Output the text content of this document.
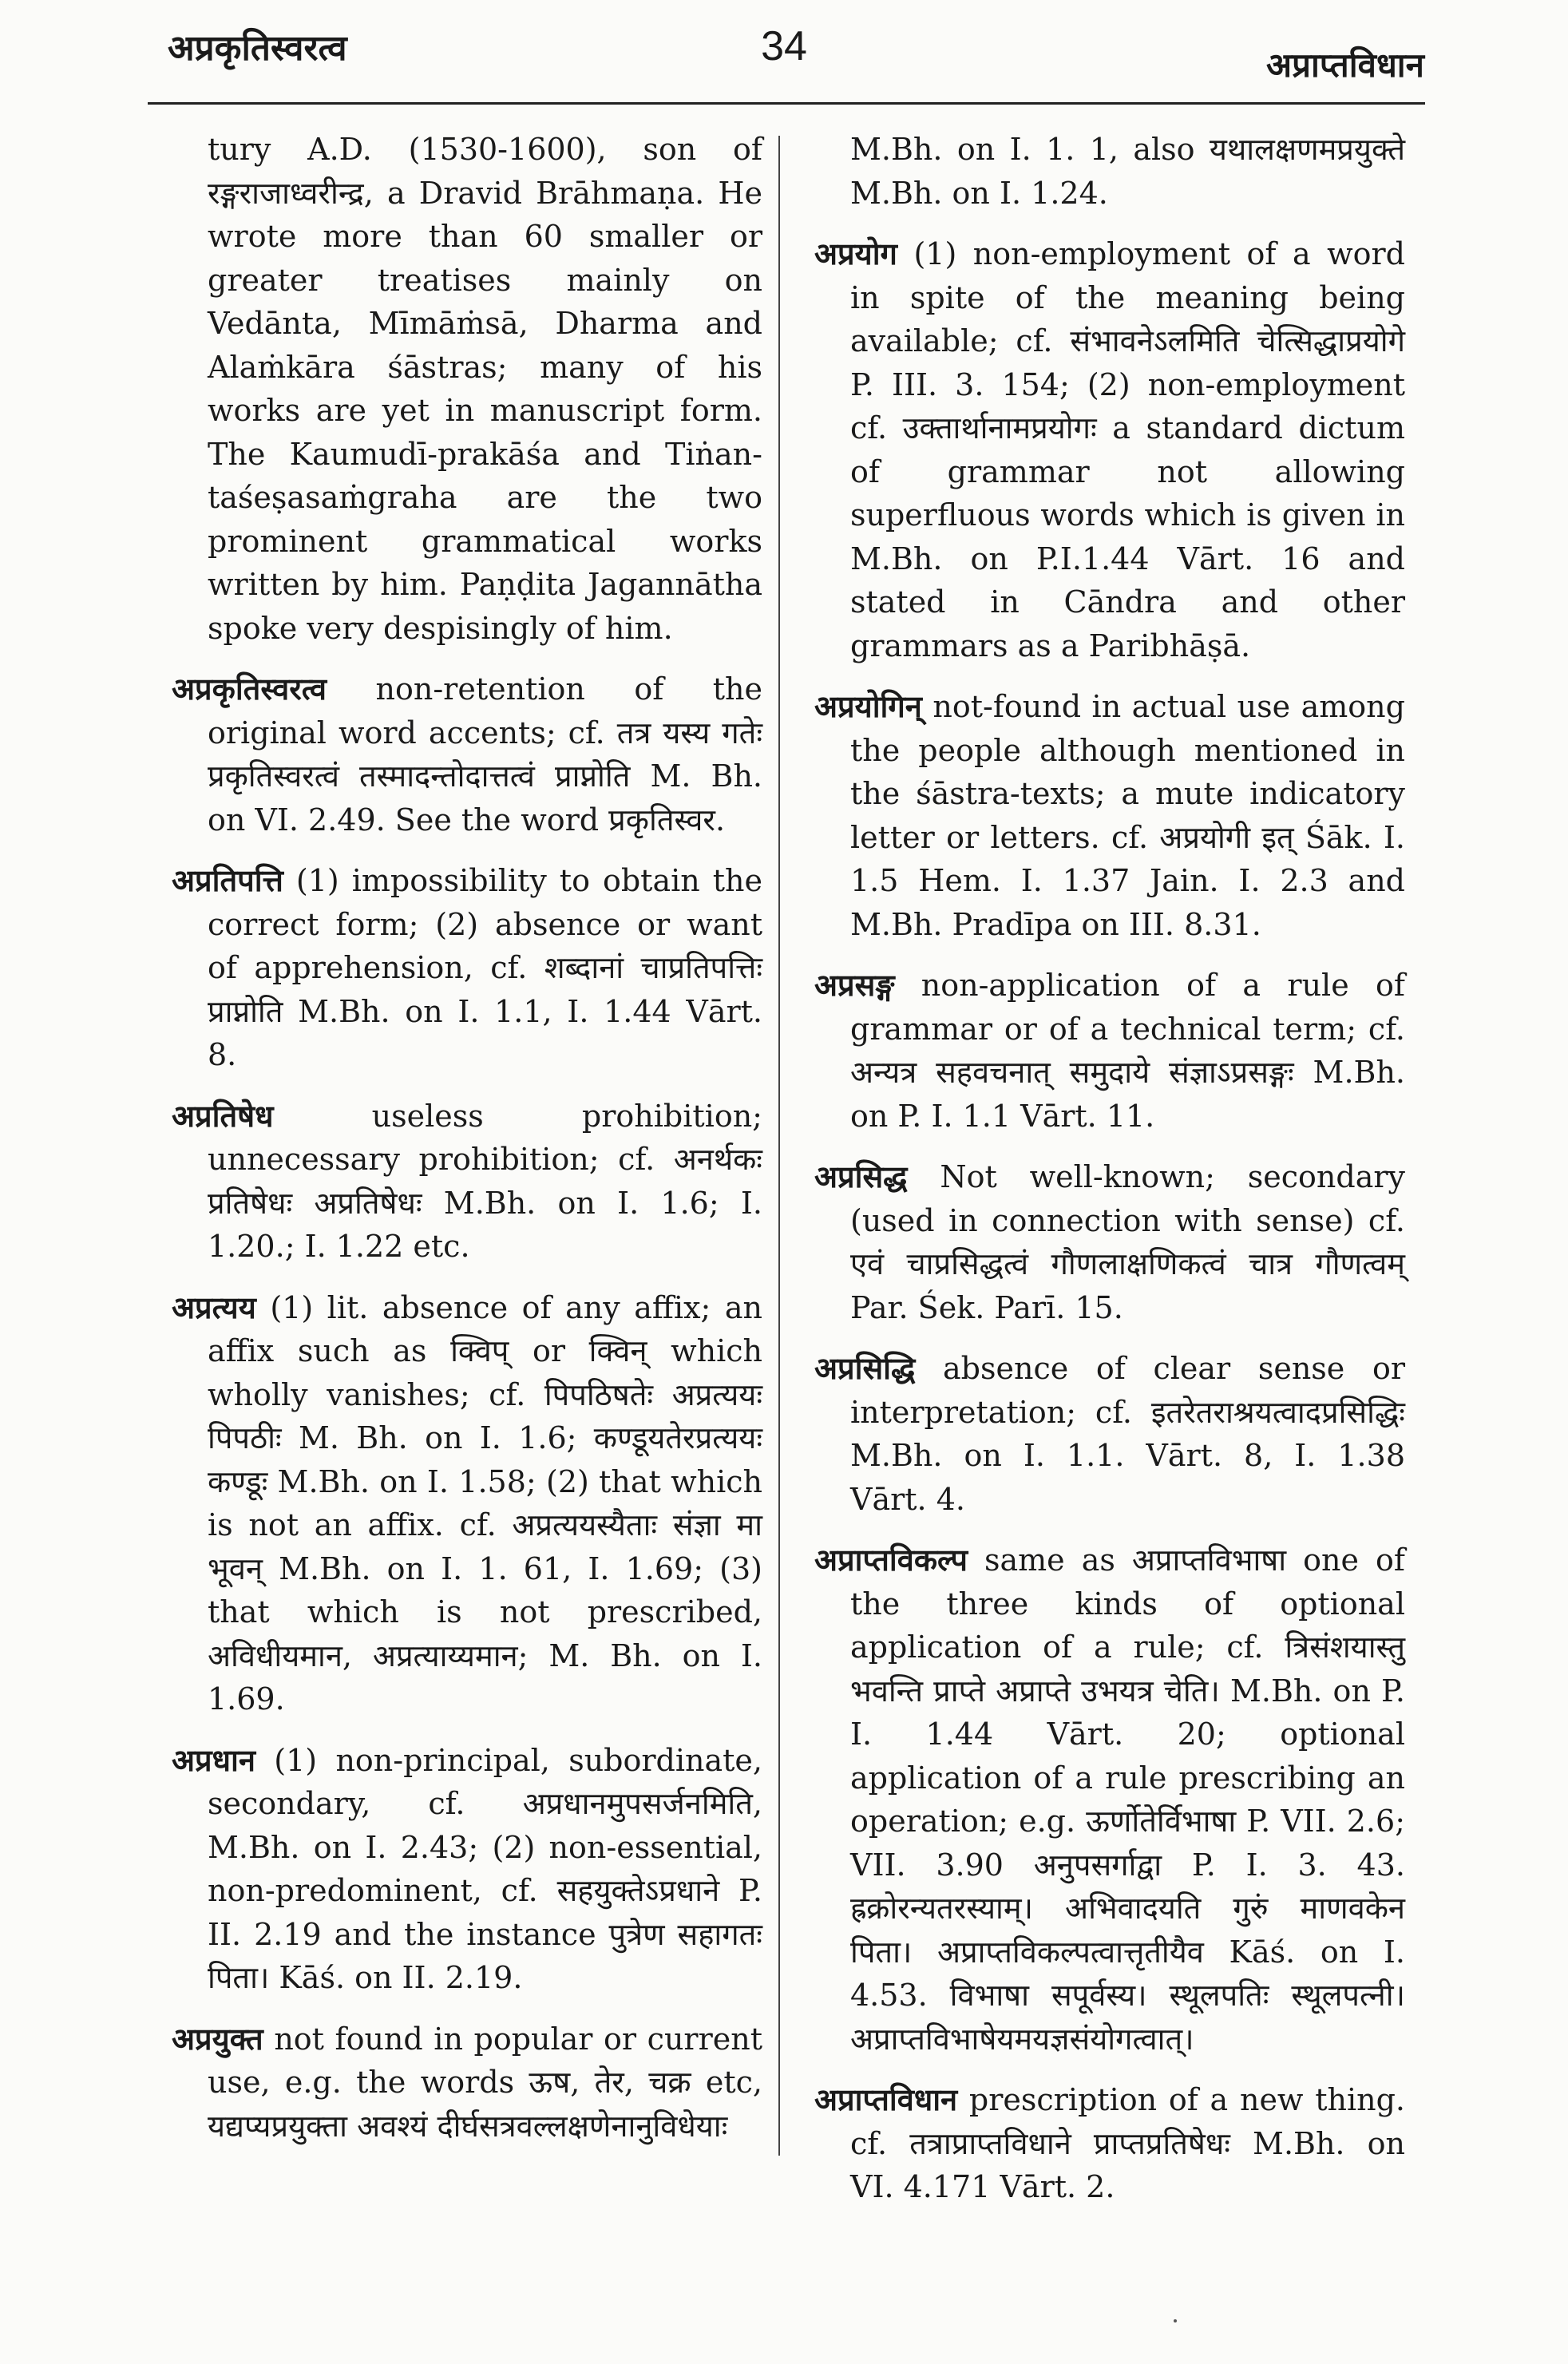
अप्रकृतिस्वरत्व	34	अप्राप्तविधान

tury A.D. (1530-1600), son of रङ्गराजाध्वरीन्द्र, a Dravid Brāhmaṇa. He wrote more than 60 smaller or greater treatises mainly on Vedānta, Mīmāṁsā, Dharma and Alaṁkāra śāstras; many of his works are yet in manuscript form. The Kaumudī-prakāśa and Tiṅan-taśeṣasaṁgraha are the two prominent grammatical works written by him. Paṇḍita Jagannātha spoke very despisingly of him.

अप्रकृतिस्वरत्व non-retention of the original word accents; cf. तत्र यस्य गतेः प्रकृतिस्वरत्वं तस्मादन्तोदात्तत्वं प्राप्नोति M. Bh. on VI. 2.49. See the word प्रकृतिस्वर.

अप्रतिपत्ति (1) impossibility to obtain the correct form; (2) absence or want of apprehension, cf. शब्दानां चाप्रतिपत्तिः प्राप्नोति M.Bh. on I. 1.1, I. 1.44 Vārt. 8.

अप्रतिषेध	useless prohibition; unnecessary prohibition; cf. अनर्थकः प्रतिषेधः अप्रतिषेधः M.Bh. on I. 1.6; I. 1.20.; I. 1.22 etc.

अप्रत्यय (1) lit. absence of any affix; an affix such as क्विप् or क्विन् which wholly vanishes; cf. पिपठिषतेः अप्रत्ययः पिपठीः M. Bh. on I. 1.6; कण्डूयतेरप्रत्ययः कण्डूः M.Bh. on I. 1.58; (2) that which is not an affix. cf. अप्रत्ययस्यैताः संज्ञा मा भूवन् M.Bh. on I. 1. 61, I. 1.69; (3) that which is not prescribed, अविधीयमान, अप्रत्याय्यमान; M. Bh. on I. 1.69.

अप्रधान (1) non-principal, subordinate, secondary, cf. अप्रधानमुपसर्जनमिति, M.Bh. on I. 2.43; (2) non-essential, non-predominent, cf. सहयुक्तेऽप्रधाने P. II. 2.19 and the instance पुत्रेण सहागतः पिता। Kāś. on II. 2.19.

अप्रयुक्त not found in popular or current use, e.g. the words ऊष, तेर, चक्र etc, यद्यप्यप्रयुक्ता अवश्यं दीर्घसत्रवल्लक्षणेनानुविधेयाः

M.Bh. on I. 1. 1, also यथालक्षणमप्रयुक्ते M.Bh. on I. 1.24.

अप्रयोग (1) non-employment of a word in spite of the meaning being available; cf. संभावनेऽलमिति चेत्सिद्धाप्रयोगे P. III. 3. 154; (2) non-employment cf. उक्तार्थानामप्रयोगः a standard dictum of grammar not allowing superfluous words which is given in M.Bh. on P.I.1.44 Vārt. 16 and stated in Cāndra and other grammars as a Paribhāṣā.

अप्रयोगिन् not-found in actual use among the people although mentioned in the śāstra-texts; a mute indicatory letter or letters. cf. अप्रयोगी इत् Śāk. I. 1.5 Hem. I. 1.37 Jain. I. 2.3 and M.Bh. Pradīpa on III. 8.31.

अप्रसङ्ग non-application of a rule of grammar or of a technical term; cf. अन्यत्र सहवचनात् समुदाये संज्ञाऽप्रसङ्गः M.Bh. on P. I. 1.1 Vārt. 11.

अप्रसिद्ध Not well-known; secondary (used in connection with sense) cf. एवं चाप्रसिद्धत्वं गौणलाक्षणिकत्वं चात्र गौणत्वम् Par. Śek. Parī. 15.

अप्रसिद्धि absence of clear sense or interpretation; cf. इतरेतराश्रयत्वादप्रसिद्धिः M.Bh. on I. 1.1. Vārt. 8, I. 1.38 Vārt. 4.

अप्राप्तविकल्प same as अप्राप्तविभाषा one of the three kinds of optional application of a rule; cf. त्रिसंशयास्तु भवन्ति प्राप्ते अप्राप्ते उभयत्र चेति। M.Bh. on P. I. 1.44 Vārt. 20; optional application of a rule prescribing an operation; e.g. ऊर्णोतेर्विभाषा P. VII. 2.6; VII. 3.90 अनुपसर्गाद्वा P. I. 3. 43. ह्रक्रोरन्यतरस्याम्। अभिवादयति गुरुं माणवकेन पिता। अप्राप्तविकल्पत्वात्तृतीयैव Kāś. on I. 4.53. विभाषा सपूर्वस्य। स्थूलपतिः स्थूलपत्नी। अप्राप्तविभाषेयमयज्ञसंयोगत्वात्।

अप्राप्तविधान prescription of a new thing. cf. तत्राप्राप्तविधाने प्राप्तप्रतिषेधः M.Bh. on VI. 4.171 Vārt. 2.
